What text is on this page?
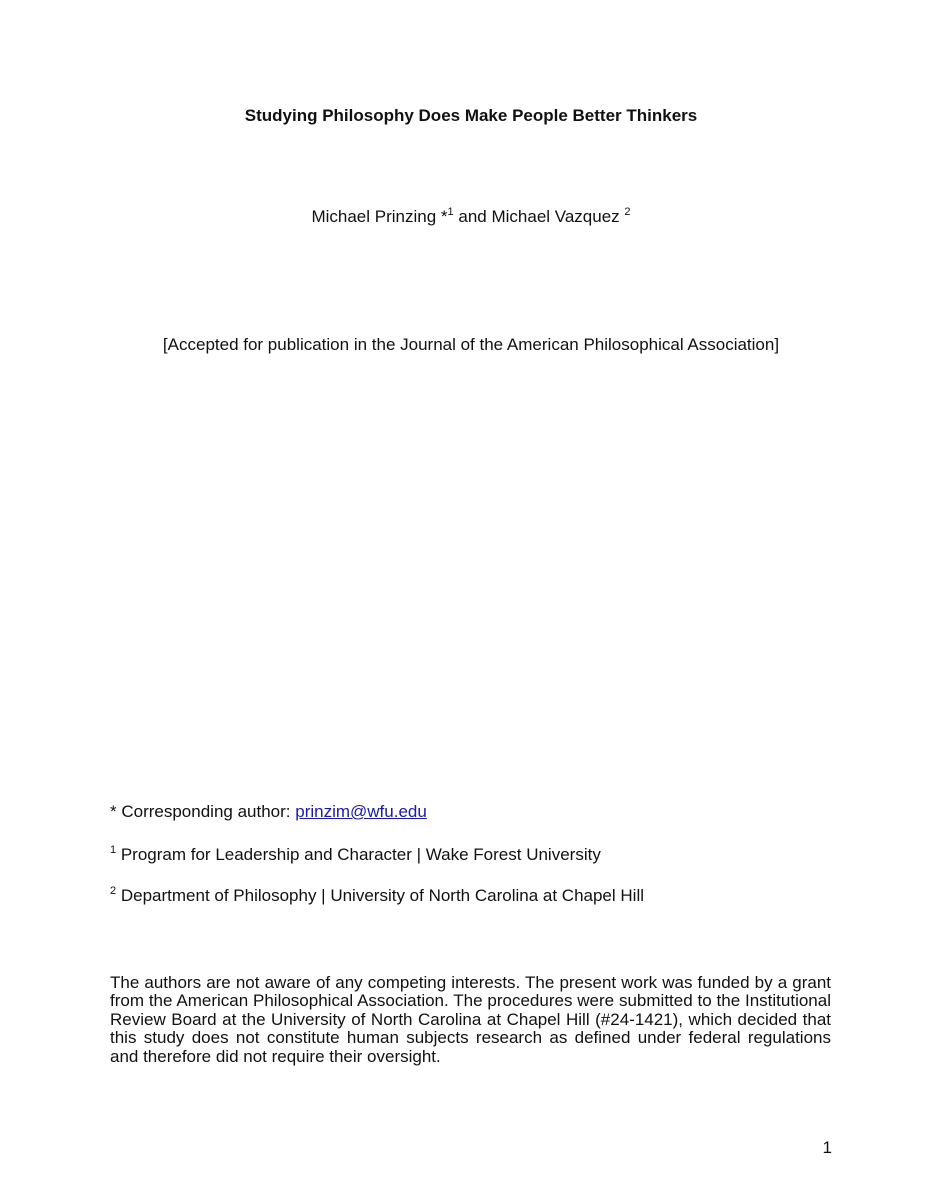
Studying Philosophy Does Make People Better Thinkers
Michael Prinzing *$^1$ and Michael Vazquez $^2$
[Accepted for publication in the Journal of the American Philosophical Association]
* Corresponding author: prinzim@wfu.edu
$^1$ Program for Leadership and Character | Wake Forest University
$^2$ Department of Philosophy | University of North Carolina at Chapel Hill
The authors are not aware of any competing interests. The present work was funded by a grant from the American Philosophical Association. The procedures were submitted to the Institutional Review Board at the University of North Carolina at Chapel Hill (#24-1421), which decided that this study does not constitute human subjects research as defined under federal regulations and therefore did not require their oversight.
1
